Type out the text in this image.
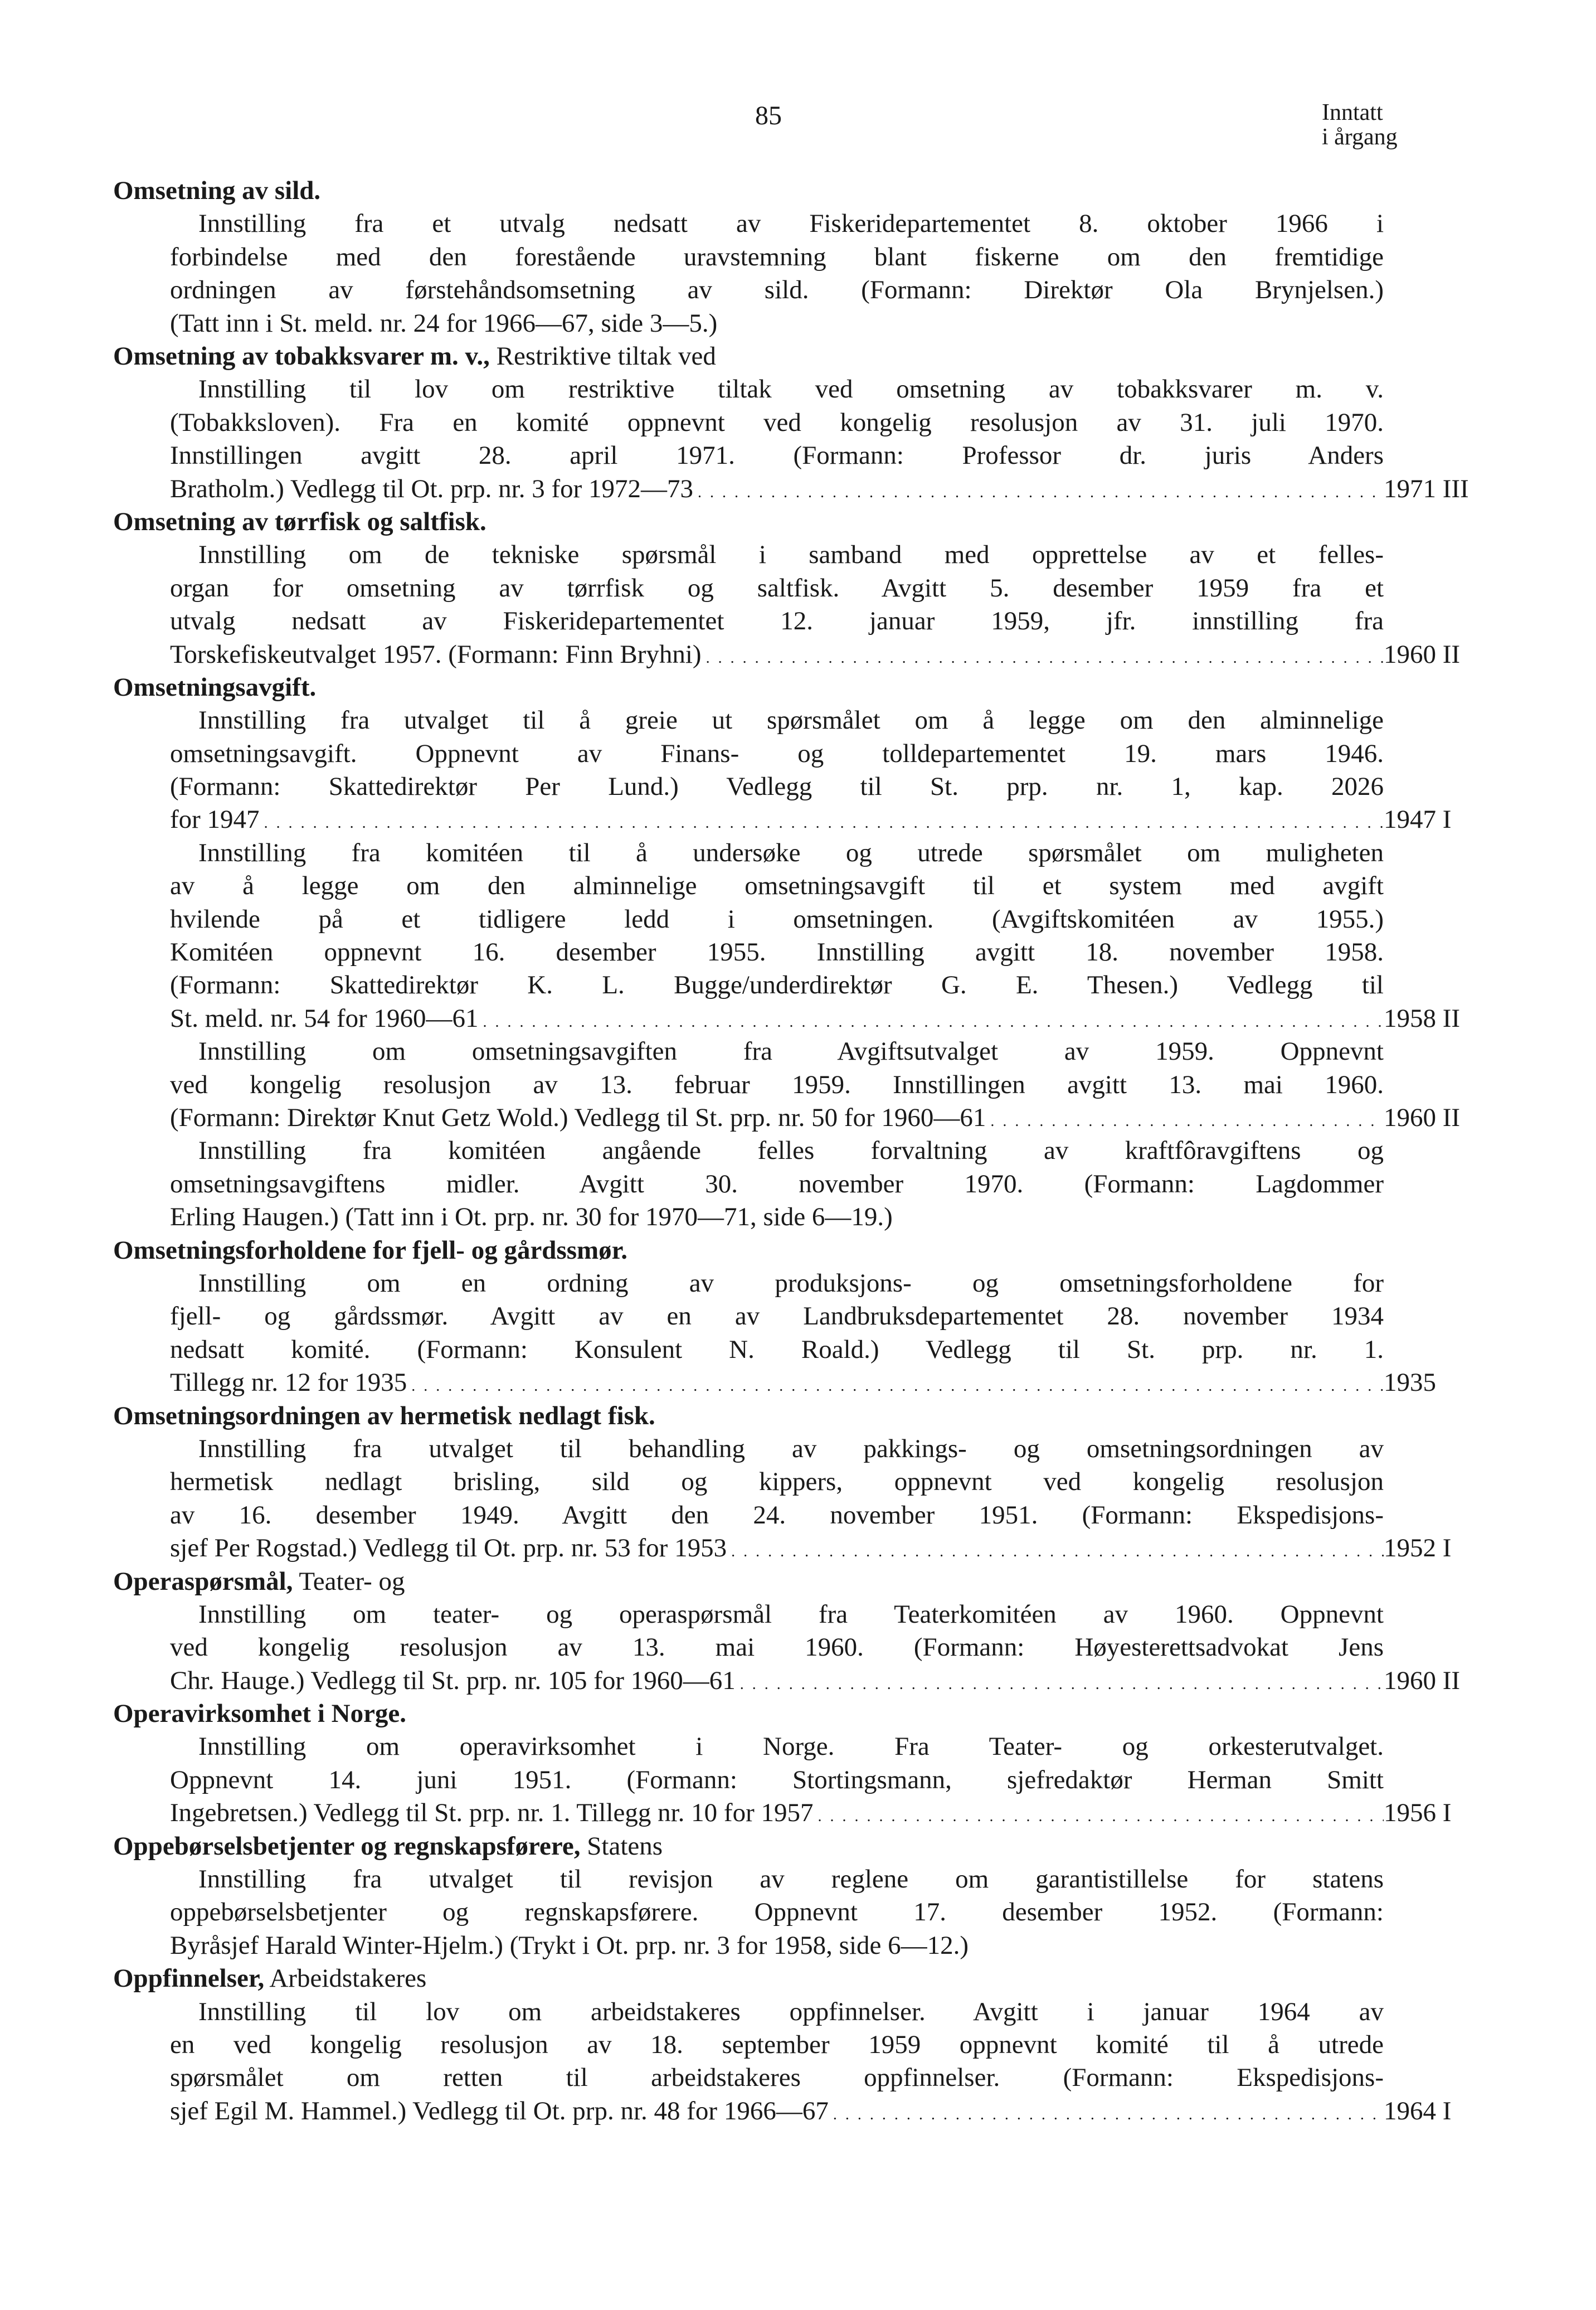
85	Inntatt
i årgang
Omsetning av sild.
Innstilling fra et utvalg nedsatt av Fiskeridepartementet 8. oktober 1966 i
forbindelse med den forestående uravstemning blant fiskerne om den fremtidige
ordningen av førstehåndsomsetning av sild. (Formann: Direktør Ola Brynjelsen.)
(Tatt inn i St. meld. nr. 24 for 1966—67, side 3—5.)
Omsetning av tobakksvarer m. v., Restriktive tiltak ved
Innstilling til lov om restriktive tiltak ved omsetning av tobakksvarer m. v.
(Tobakksloven). Fra en komité oppnevnt ved kongelig resolusjon av 31. juli 1970.
Innstillingen avgitt 28. april 1971. (Formann: Professor dr. juris Anders
Bratholm.) Vedlegg til Ot. prp. nr. 3 for 1972—73 . . .	1971 III
Omsetning av tørrfisk og saltfisk.
Innstilling om de tekniske spørsmål i samband med opprettelse av et felles-
organ for omsetning av tørrfisk og saltfisk. Avgitt 5. desember 1959 fra et
utvalg nedsatt av Fiskeridepartementet 12. januar 1959, jfr. innstilling fra
Torskefiskeutvalget 1957. (Formann: Finn Bryhni) . . .	1960 II
Omsetningsavgift.
Innstilling fra utvalget til å greie ut spørsmålet om å legge om den alminnelige
omsetningsavgift. Oppnevnt av Finans- og tolldepartementet 19. mars 1946.
(Formann: Skattedirektør Per Lund.) Vedlegg til St. prp. nr. 1, kap. 2026
for 1947 . . .	1947 I
Innstilling fra komitéen til å undersøke og utrede spørsmålet om muligheten
av å legge om den alminnelige omsetningsavgift til et system med avgift
hvilende på et tidligere ledd i omsetningen. (Avgiftskomitéen av 1955.)
Komitéen oppnevnt 16. desember 1955. Innstilling avgitt 18. november 1958.
(Formann: Skattedirektør K. L. Bugge/underdirektør G. E. Thesen.) Vedlegg til
St. meld. nr. 54 for 1960—61 . . .	1958 II
Innstilling om omsetningsavgiften fra Avgiftsutvalget av 1959. Oppnevnt
ved kongelig resolusjon av 13. februar 1959. Innstillingen avgitt 13. mai 1960.
(Formann: Direktør Knut Getz Wold.) Vedlegg til St. prp. nr. 50 for 1960—61 . . .	1960 II
Innstilling fra komitéen angående felles forvaltning av kraftfôravgiftens og
omsetningsavgiftens midler. Avgitt 30. november 1970. (Formann: Lagdommer
Erling Haugen.) (Tatt inn i Ot. prp. nr. 30 for 1970—71, side 6—19.)
Omsetningsforholdene for fjell- og gårdssmør.
Innstilling om en ordning av produksjons- og omsetningsforholdene for
fjell- og gårdssmør. Avgitt av en av Landbruksdepartementet 28. november 1934
nedsatt komité. (Formann: Konsulent N. Roald.) Vedlegg til St. prp. nr. 1.
Tillegg nr. 12 for 1935 . . .	1935
Omsetningsordningen av hermetisk nedlagt fisk.
Innstilling fra utvalget til behandling av pakkings- og omsetningsordningen av
hermetisk nedlagt brisling, sild og kippers, oppnevnt ved kongelig resolusjon
av 16. desember 1949. Avgitt den 24. november 1951. (Formann: Ekspedisjons-
sjef Per Rogstad.) Vedlegg til Ot. prp. nr. 53 for 1953 . . .	1952 I
Operaspørsmål, Teater- og
Innstilling om teater- og operaspørsmål fra Teaterkomitéen av 1960. Oppnevnt
ved kongelig resolusjon av 13. mai 1960. (Formann: Høyesterettsadvokat Jens
Chr. Hauge.) Vedlegg til St. prp. nr. 105 for 1960—61 . . .	1960 II
Operavirksomhet i Norge.
Innstilling om operavirksomhet i Norge. Fra Teater- og orkesterutvalget.
Oppnevnt 14. juni 1951. (Formann: Stortingsmann, sjefredaktør Herman Smitt
Ingebretsen.) Vedlegg til St. prp. nr. 1. Tillegg nr. 10 for 1957 . . .	1956 I
Oppebørselsbetjenter og regnskapsførere, Statens
Innstilling fra utvalget til revisjon av reglene om garantistillelse for statens
oppebørselsbetjenter og regnskapsførere. Oppnevnt 17. desember 1952. (Formann:
Byråsjef Harald Winter-Hjelm.) (Trykt i Ot. prp. nr. 3 for 1958, side 6—12.)
Oppfinnelser, Arbeidstakeres
Innstilling til lov om arbeidstakeres oppfinnelser. Avgitt i januar 1964 av
en ved kongelig resolusjon av 18. september 1959 oppnevnt komité til å utrede
spørsmålet om retten til arbeidstakeres oppfinnelser. (Formann: Ekspedisjons-
sjef Egil M. Hammel.) Vedlegg til Ot. prp. nr. 48 for 1966—67 . . .	1964 I
